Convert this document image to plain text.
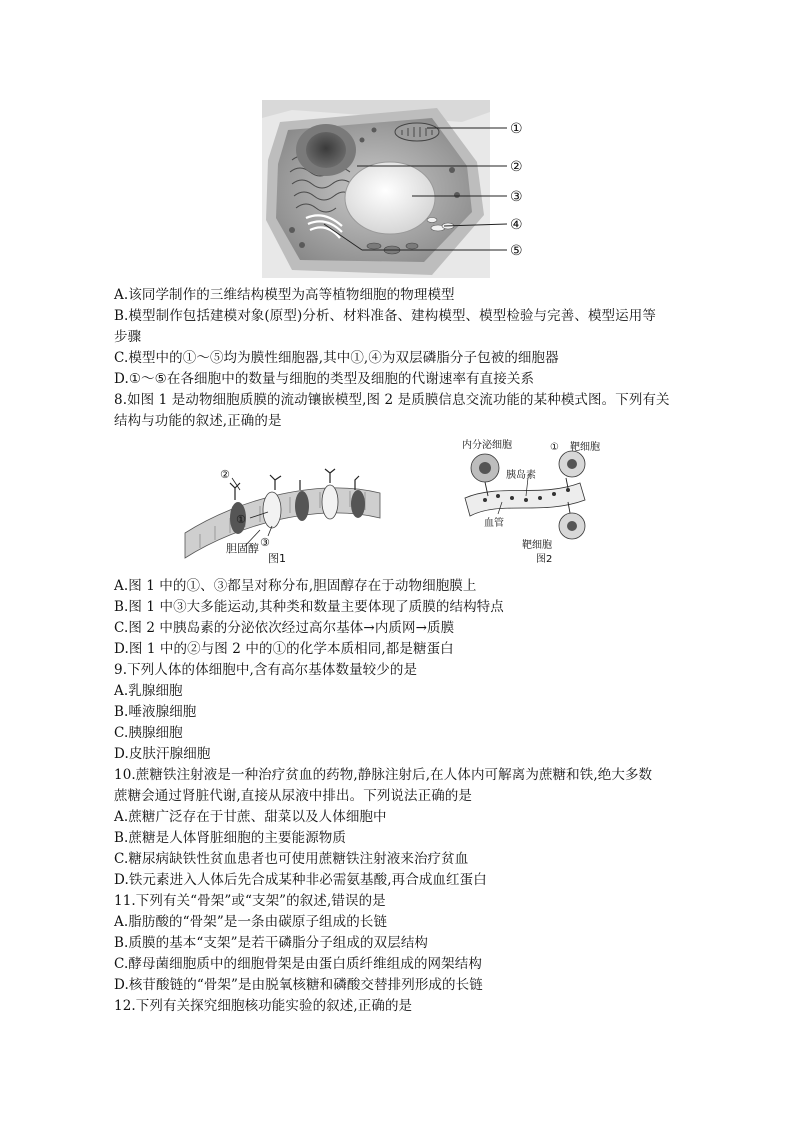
①
②
③
④
⑤
A.该同学制作的三维结构模型为高等植物细胞的物理模型
B.模型制作包括建模对象(原型)分析、材料准备、建构模型、模型检验与完善、模型运用等
步骤
C.模型中的①～⑤均为膜性细胞器,其中①,④为双层磷脂分子包被的细胞器
D.①～⑤在各细胞中的数量与细胞的类型及细胞的代谢速率有直接关系
8.如图 1 是动物细胞质膜的流动镶嵌模型,图 2 是质膜信息交流功能的某种模式图。下列有关
结构与功能的叙述,正确的是
②
①
③
胆固醇
图1
内分泌细胞	① 靶细胞
胰岛素
血管
靶细胞
图2
A.图 1 中的①、③都呈对称分布,胆固醇存在于动物细胞膜上
B.图 1 中③大多能运动,其种类和数量主要体现了质膜的结构特点
C.图 2 中胰岛素的分泌依次经过高尔基体→内质网→质膜
D.图 1 中的②与图 2 中的①的化学本质相同,都是糖蛋白
9.下列人体的体细胞中,含有高尔基体数量较少的是
A.乳腺细胞
B.唾液腺细胞
C.胰腺细胞
D.皮肤汗腺细胞
10.蔗糖铁注射液是一种治疗贫血的药物,静脉注射后,在人体内可解离为蔗糖和铁,绝大多数
蔗糖会通过肾脏代谢,直接从尿液中排出。下列说法正确的是
A.蔗糖广泛存在于甘蔗、甜菜以及人体细胞中
B.蔗糖是人体肾脏细胞的主要能源物质
C.糖尿病缺铁性贫血患者也可使用蔗糖铁注射液来治疗贫血
D.铁元素进入人体后先合成某种非必需氨基酸,再合成血红蛋白
11.下列有关“骨架”或“支架”的叙述,错误的是
A.脂肪酸的“骨架”是一条由碳原子组成的长链
B.质膜的基本“支架”是若干磷脂分子组成的双层结构
C.酵母菌细胞质中的细胞骨架是由蛋白质纤维组成的网架结构
D.核苷酸链的“骨架”是由脱氧核糖和磷酸交替排列形成的长链
12.下列有关探究细胞核功能实验的叙述,正确的是
